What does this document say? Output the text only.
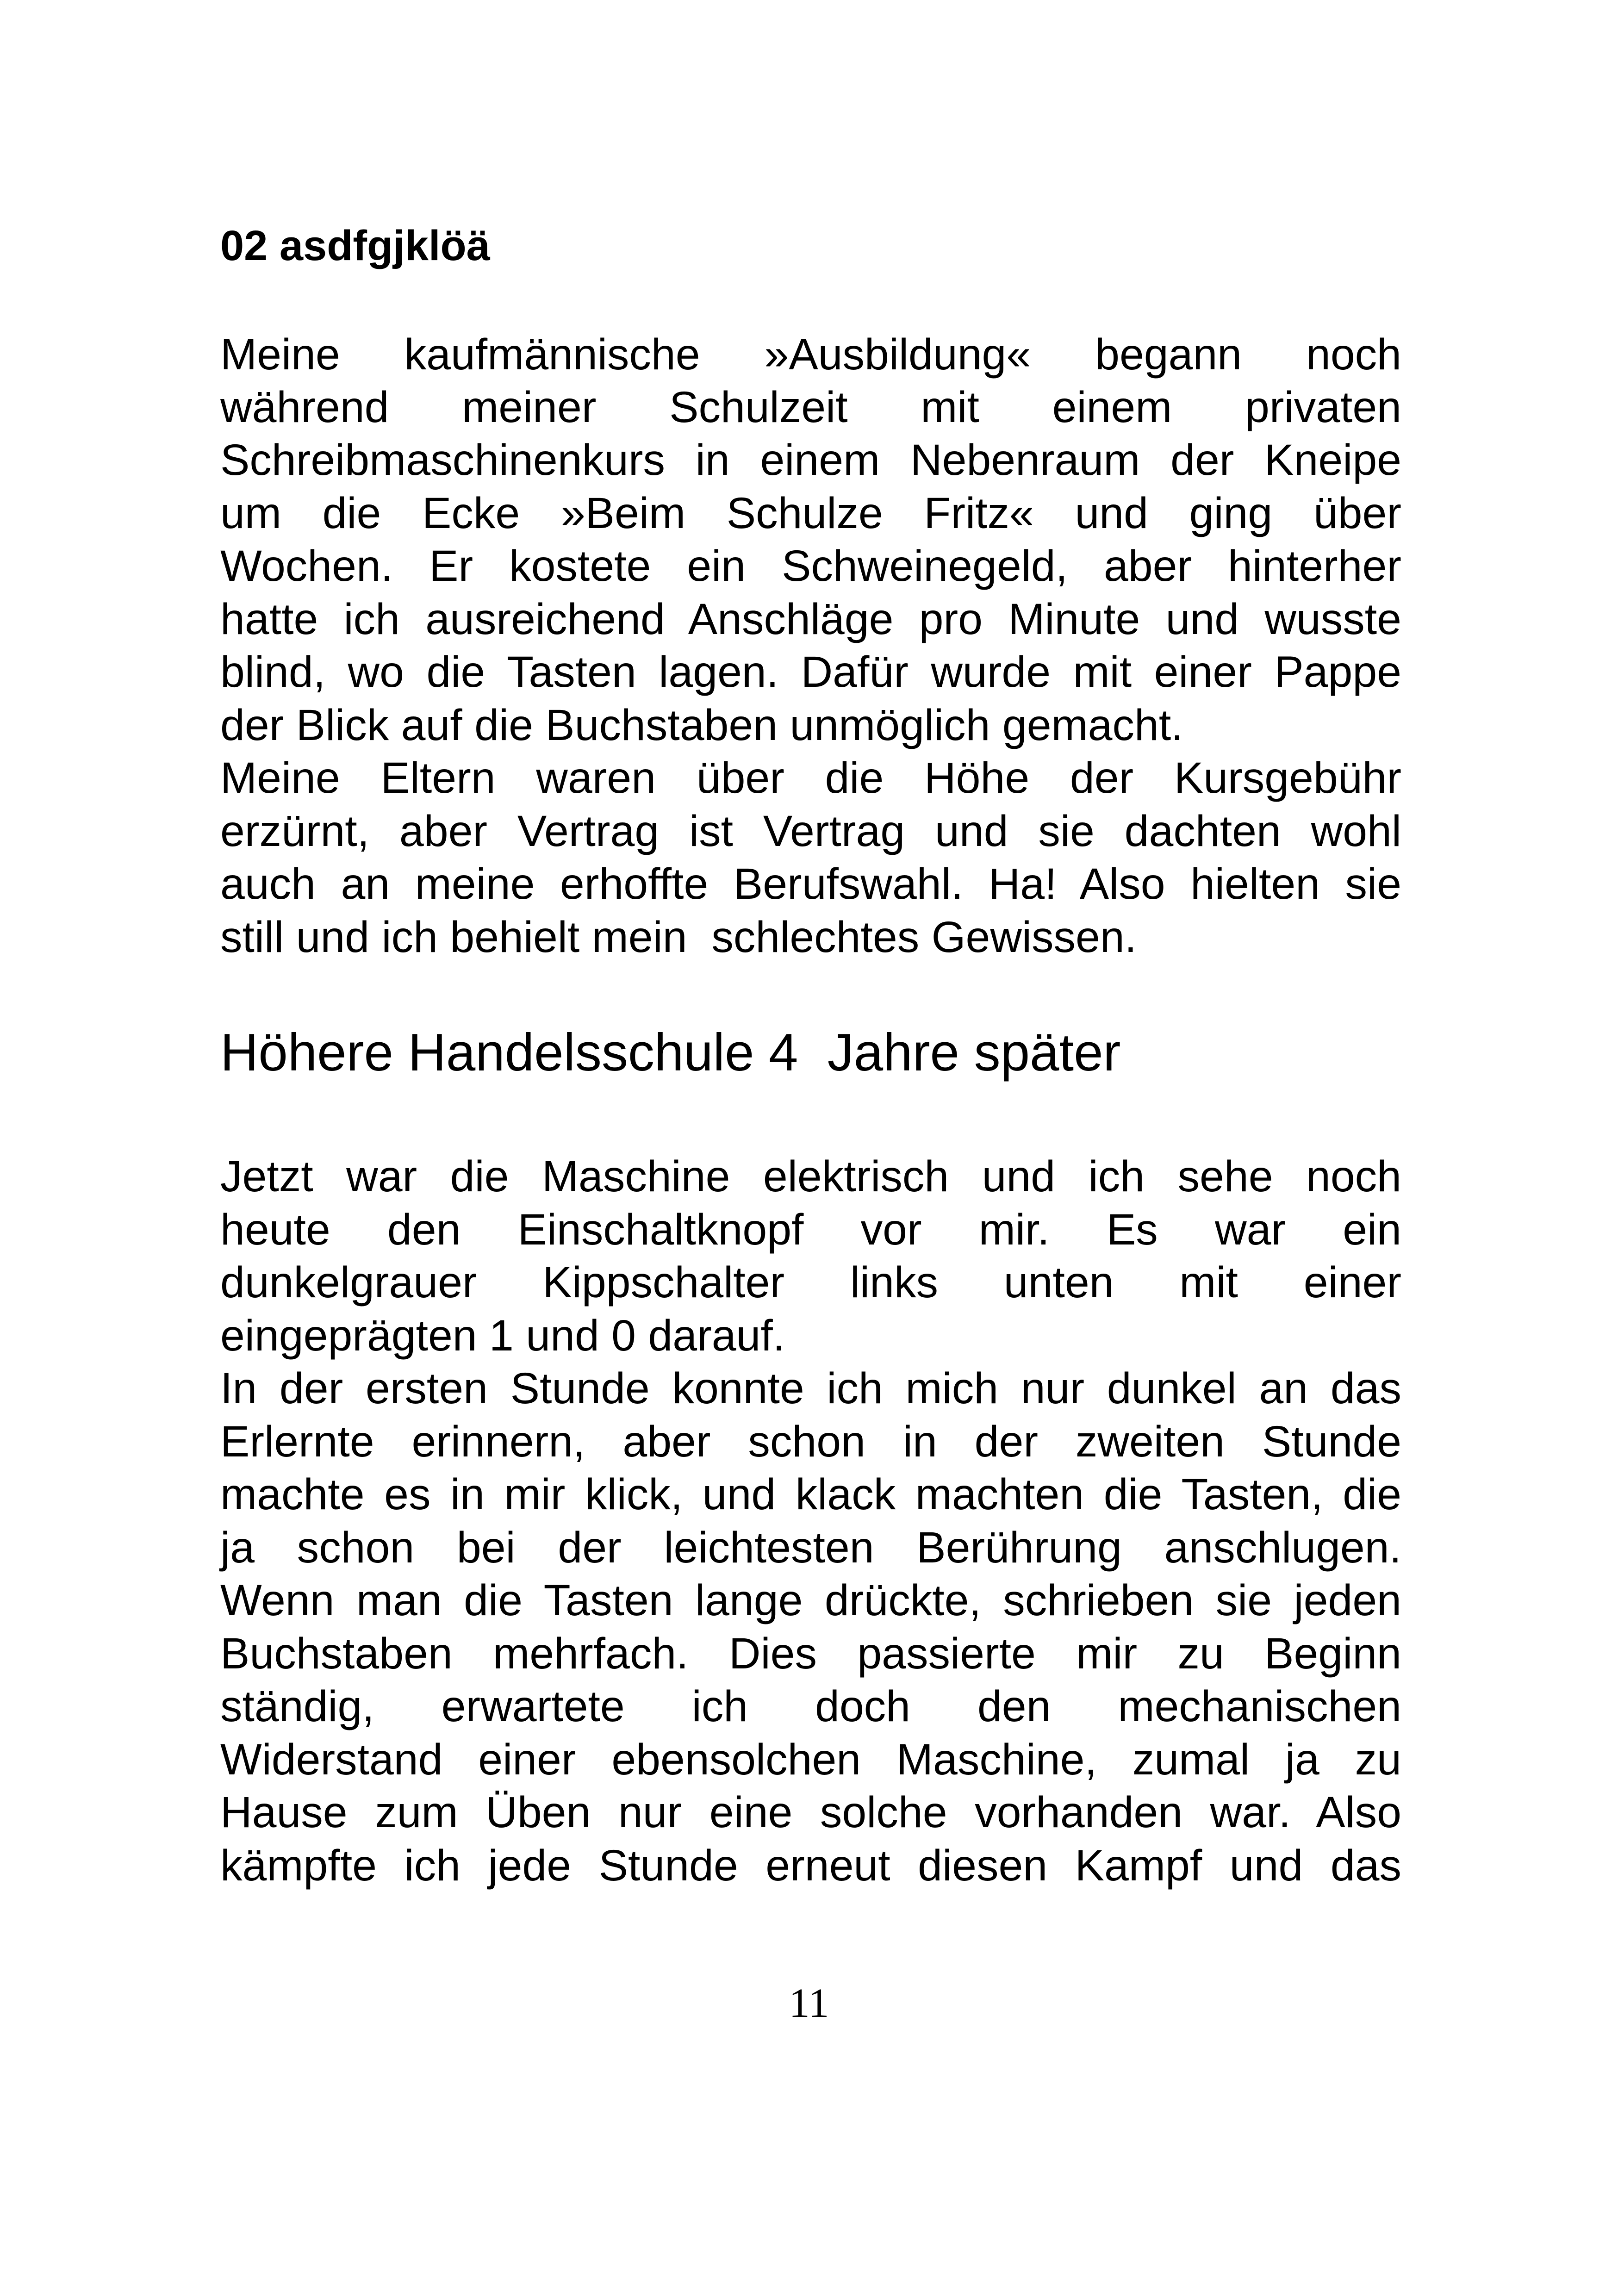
02 asdfgjklöä
Meine kaufmännische »Ausbildung« begann noch
während meiner Schulzeit mit einem privaten
Schreibmaschinenkurs in einem Nebenraum der Kneipe
um die Ecke »Beim Schulze Fritz« und ging über
Wochen. Er kostete ein Schweinegeld, aber hinterher
hatte ich ausreichend Anschläge pro Minute und wusste
blind, wo die Tasten lagen. Dafür wurde mit einer Pappe
der Blick auf die Buchstaben unmöglich gemacht.
Meine Eltern waren über die Höhe der Kursgebühr
erzürnt, aber Vertrag ist Vertrag und sie dachten wohl
auch an meine erhoffte Berufswahl. Ha! Also hielten sie
still und ich behielt mein  schlechtes Gewissen.
Höhere Handelsschule 4  Jahre später
Jetzt war die Maschine elektrisch und ich sehe noch
heute den Einschaltknopf vor mir. Es war ein
dunkelgrauer Kippschalter links unten mit einer
eingeprägten 1 und 0 darauf.
In der ersten Stunde konnte ich mich nur dunkel an das
Erlernte erinnern, aber schon in der zweiten Stunde
machte es in mir klick, und klack machten die Tasten, die
ja schon bei der leichtesten Berührung anschlugen.
Wenn man die Tasten lange drückte, schrieben sie jeden
Buchstaben mehrfach. Dies passierte mir zu Beginn
ständig, erwartete ich doch den mechanischen
Widerstand einer ebensolchen Maschine, zumal ja zu
Hause zum Üben nur eine solche vorhanden war. Also
kämpfte ich jede Stunde erneut diesen Kampf und das
11
